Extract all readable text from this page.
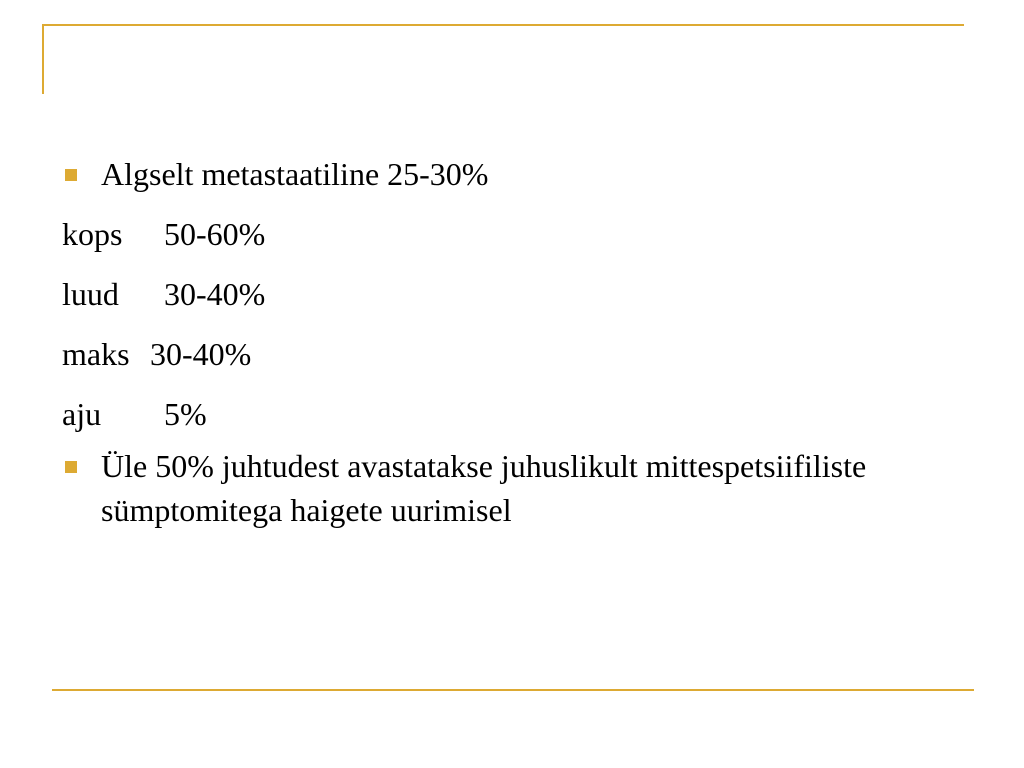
Algselt metastaatiline 25-30%
kops	50-60%
luud	30-40%
maks 30-40%
aju	5%
Üle 50% juhtudest avastatakse juhuslikult mittespetsiifiliste sümptomitega haigete uurimisel
